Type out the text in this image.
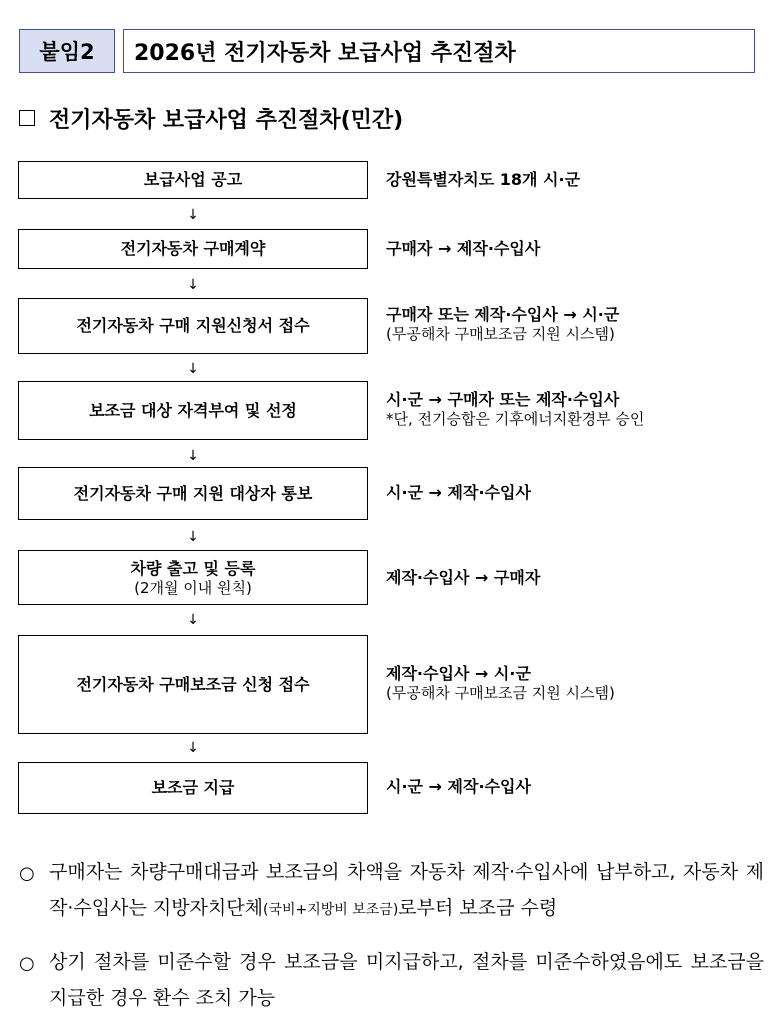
붙임2	2026년 전기자동차 보급사업 추진절차
전기자동차 보급사업 추진절차(민간)
보급사업 공고
↓
강원특별자치도 18개 시·군
전기자동차 구매계약
↓
구매자 → 제작·수입사
전기자동차 구매 지원신청서 접수
↓
구매자 또는 제작·수입사 → 시·군
(무공해차 구매보조금 지원 시스템)
보조금 대상 자격부여 및 선정
↓
시·군 → 구매자 또는 제작·수입사
*단, 전기승합은 기후에너지환경부 승인
전기자동차 구매 지원 대상자 통보
↓
시·군 → 제작·수입사
차량 출고 및 등록
(2개월 이내 원칙)
↓
제작·수입사 → 구매자
전기자동차 구매보조금 신청 접수
↓
제작·수입사 → 시·군
(무공해차 구매보조금 지원 시스템)
보조금 지급	시·군 → 제작·수입사
○ 구매자는 차량구매대금과 보조금의 차액을 자동차 제작·수입사에 납부하고, 자동차 제작·수입사는 지방자치단체(국비+지방비 보조금)로부터 보조금 수령
○ 상기 절차를 미준수할 경우 보조금을 미지급하고, 절차를 미준수하였음에도 보조금을 지급한 경우 환수 조치 가능
